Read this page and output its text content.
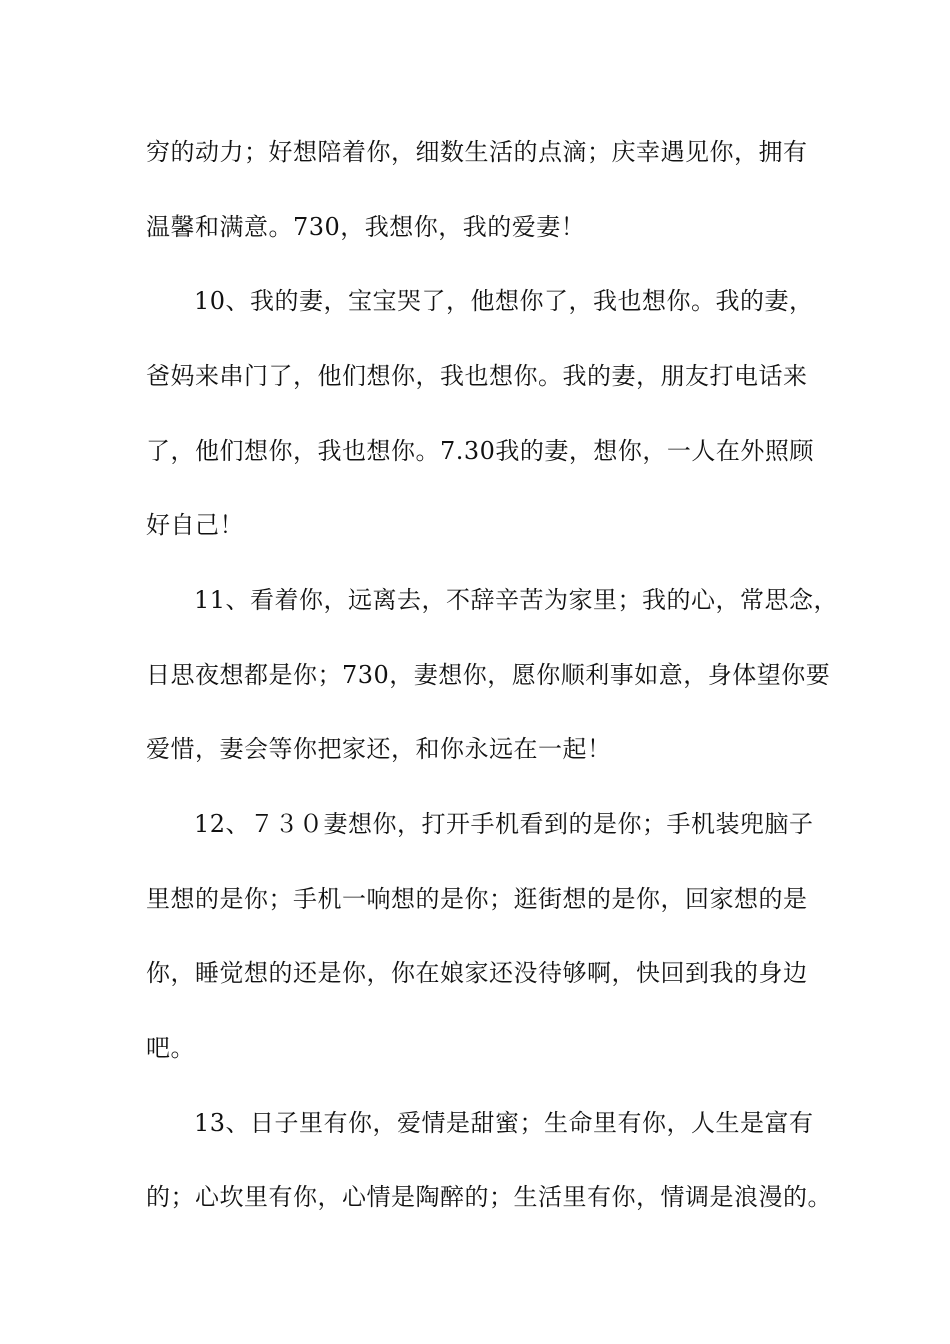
穷的动力；好想陪着你，细数生活的点滴；庆幸遇见你，拥有
温馨和满意。730，我想你，我的爱妻！
10、我的妻，宝宝哭了，他想你了，我也想你。我的妻，
爸妈来串门了，他们想你，我也想你。我的妻，朋友打电话来
了，他们想你，我也想你。7.30我的妻，想你，一人在外照顾
好自己！
11、看着你，远离去，不辞辛苦为家里；我的心，常思念，
日思夜想都是你；730，妻想你，愿你顺利事如意，身体望你要
爱惜，妻会等你把家还，和你永远在一起！
12、７３０妻想你，打开手机看到的是你；手机装兜脑子
里想的是你；手机一响想的是你；逛街想的是你，回家想的是
你，睡觉想的还是你，你在娘家还没待够啊，快回到我的身边
吧。
13、日子里有你，爱情是甜蜜；生命里有你，人生是富有
的；心坎里有你，心情是陶醉的；生活里有你，情调是浪漫的。
